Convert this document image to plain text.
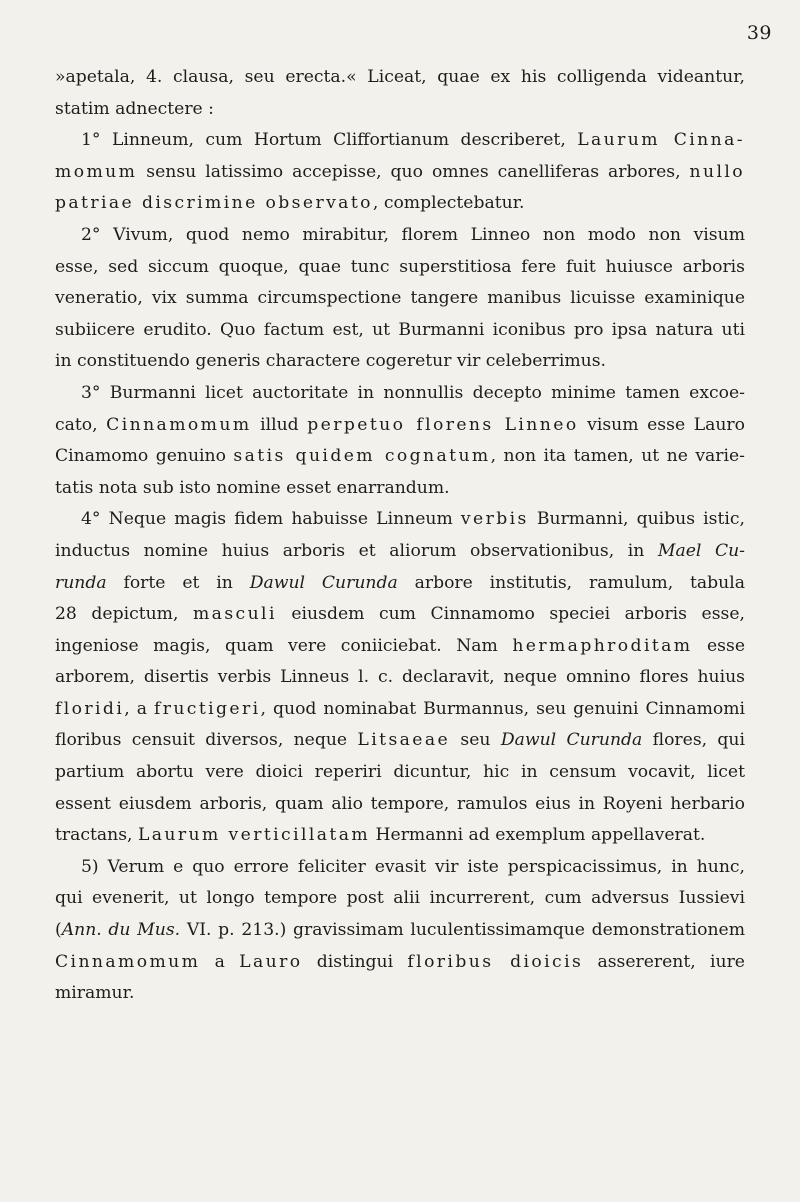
39
»apetala, 4. clausa, seu erecta.« Liceat, quae ex his colligenda videantur,
statim adnectere :
1° Linneum, cum Hortum Cliffortianum describeret, Laurum Cinna-
momum sensu latissimo accepisse, quo omnes canelliferas arbores, nullo
patriae discrimine observato, complectebatur.
2° Vivum, quod nemo mirabitur, florem Linneo non modo non visum
esse, sed siccum quoque, quae tunc superstitiosa fere fuit huiusce arboris
veneratio, vix summa circumspectione tangere manibus licuisse examinique
subiicere erudito. Quo factum est, ut Burmanni iconibus pro ipsa natura uti
in constituendo generis charactere cogeretur vir celeberrimus.
3° Burmanni licet auctoritate in nonnullis decepto minime tamen excoe-
cato, Cinnamomum illud perpetuo florens Linneo visum esse Lauro
Cinamomo genuino satis quidem cognatum, non ita tamen, ut ne varie-
tatis nota sub isto nomine esset enarrandum.
4° Neque magis fidem habuisse Linneum verbis Burmanni, quibus istic,
inductus nomine huius arboris et aliorum observationibus, in Mael Cu-
runda forte et in Dawul Curunda arbore institutis, ramulum, tabula
28 depictum, masculi eiusdem cum Cinnamomo speciei arboris esse,
ingeniose magis, quam vere coniiciebat. Nam hermaphroditam esse
arborem, disertis verbis Linneus l. c. declaravit, neque omnino flores huius
floridi, a fructigeri, quod nominabat Burmannus, seu genuini Cinnamomi
floribus censuit diversos, neque Litsaeae seu Dawul Curunda flores, qui
partium abortu vere dioici reperiri dicuntur, hic in censum vocavit, licet
essent eiusdem arboris, quam alio tempore, ramulos eius in Royeni herbario
tractans, Laurum verticillatam Hermanni ad exemplum appellaverat.
5) Verum e quo errore feliciter evasit vir iste perspicacissimus, in hunc,
qui evenerit, ut longo tempore post alii incurrerent, cum adversus Iussievi
(Ann. du Mus. VI. p. 213.) gravissimam luculentissimamque demonstrationem
Cinnamomum a Lauro distingui floribus dioicis assererent, iure
miramur.
